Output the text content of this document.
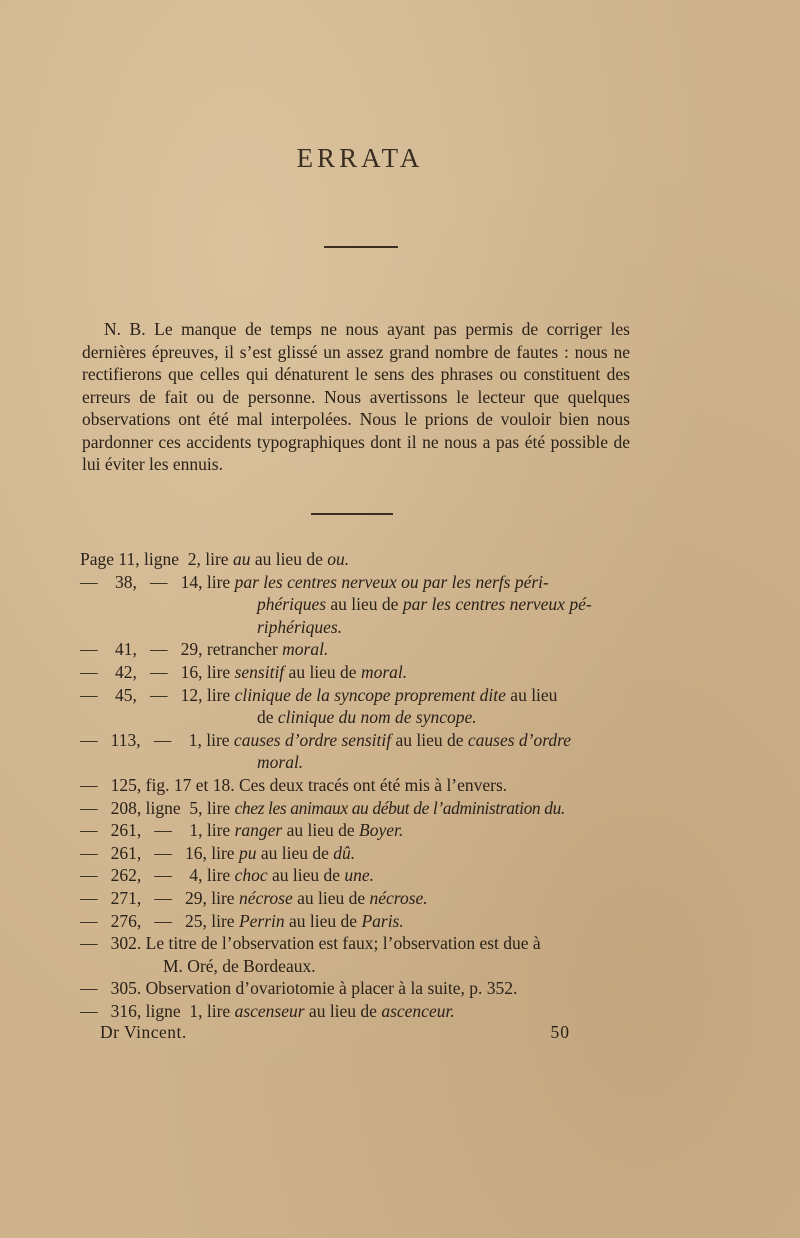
ERRATA

N. B. Le manque de temps ne nous ayant pas permis de corriger les dernières épreuves, il s’est glissé un assez grand nombre de fautes : nous ne rectifierons que celles qui dénaturent le sens des phrases ou constituent des erreurs de fait ou de personne. Nous avertissons le lecteur que quelques observations ont été mal interpolées. Nous le prions de vouloir bien nous pardonner ces accidents typographiques dont il ne nous a pas été possible de lui éviter les ennuis.

Page 11, ligne  2, lire au au lieu de ou.
—    38,   —   14, lire par les centres nerveux ou par les nerfs péri-
phériques au lieu de par les centres nerveux pé-
riphériques.
—    41,   —   29, retrancher moral.
—    42,   —   16, lire sensitif au lieu de moral.
—    45,   —   12, lire clinique de la syncope proprement dite au lieu
de clinique du nom de syncope.
—   113,   —    1, lire causes d’ordre sensitif au lieu de causes d’ordre
moral.
—   125, fig. 17 et 18. Ces deux tracés ont été mis à l’envers.
—   208, ligne  5, lire chez les animaux au début de l’administration du.
—   261,   —    1, lire ranger au lieu de Boyer.
—   261,   —   16, lire pu au lieu de dû.
—   262,   —    4, lire choc au lieu de une.
—   271,   —   29, lire nécrose au lieu de nécrose.
—   276,   —   25, lire Perrin au lieu de Paris.
—   302. Le titre de l’observation est faux; l’observation est due à
M. Oré, de Bordeaux.
—   305. Observation d’ovariotomie à placer à la suite, p. 352.
—   316, ligne  1, lire ascenseur au lieu de ascenceur.
Dr Vincent.	50
